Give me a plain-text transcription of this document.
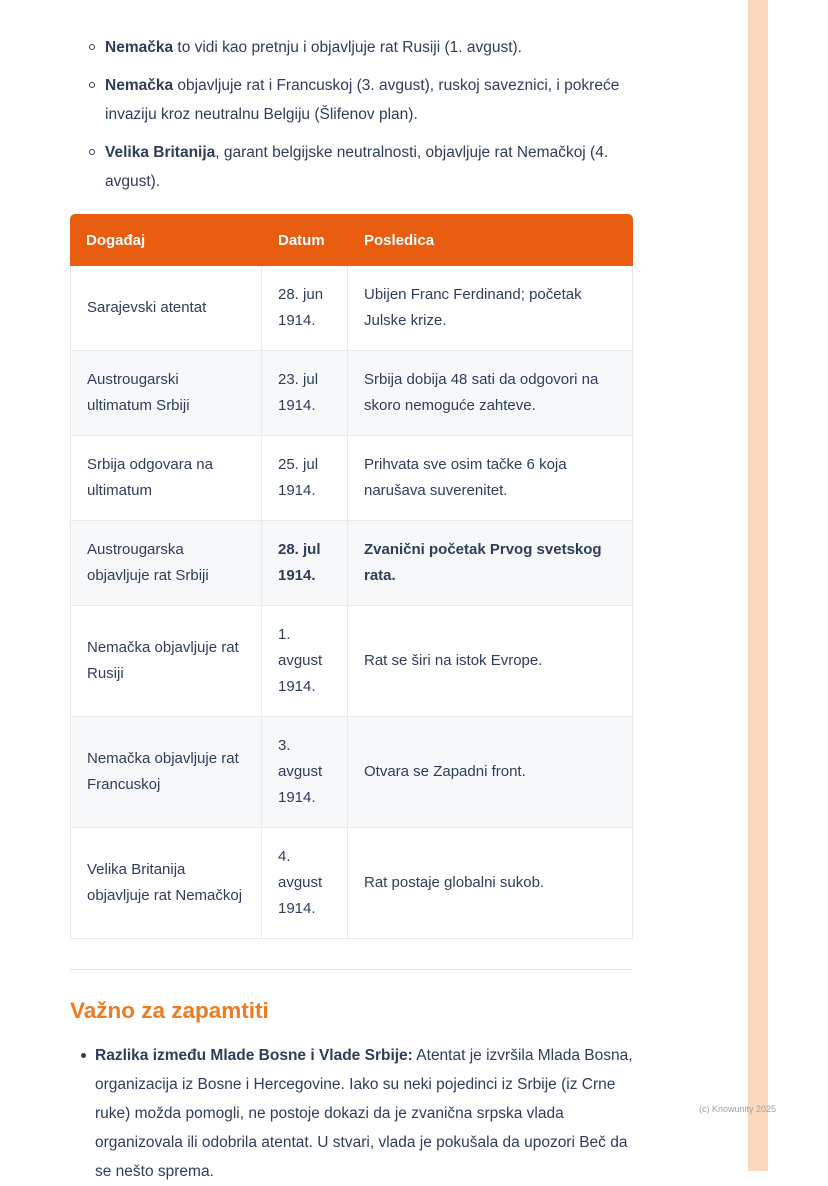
Nemačka to vidi kao pretnju i objavljuje rat Rusiji (1. avgust).
Nemačka objavljuje rat i Francuskoj (3. avgust), ruskoj saveznici, i pokreće invaziju kroz neutralnu Belgiju (Šlifenov plan).
Velika Britanija, garant belgijske neutralnosti, objavljuje rat Nemačkoj (4. avgust).
Događaj	Datum	Posledica
Sarajevski atentat	28. jun 1914.	Ubijen Franc Ferdinand; početak Julske krize.
Austrougarski ultimatum Srbiji	23. jul 1914.	Srbija dobija 48 sati da odgovori na skoro nemoguće zahteve.
Srbija odgovara na ultimatum	25. jul 1914.	Prihvata sve osim tačke 6 koja narušava suverenitet.
Austrougarska objavljuje rat Srbiji	28. jul 1914.	Zvanični početak Prvog svetskog rata.
Nemačka objavljuje rat Rusiji	1. avgust 1914.	Rat se širi na istok Evrope.
Nemačka objavljuje rat Francuskoj	3. avgust 1914.	Otvara se Zapadni front.
Velika Britanija objavljuje rat Nemačkoj	4. avgust 1914.	Rat postaje globalni sukob.
Važno za zapamtiti
Razlika između Mlade Bosne i Vlade Srbije: Atentat je izvršila Mlada Bosna, organizacija iz Bosne i Hercegovine. Iako su neki pojedinci iz Srbije (iz Crne ruke) možda pomogli, ne postoje dokazi da je zvanična srpska vlada organizovala ili odobrila atentat. U stvari, vlada je pokušala da upozori Beč da se nešto sprema.
(c) Knowunity 2025
